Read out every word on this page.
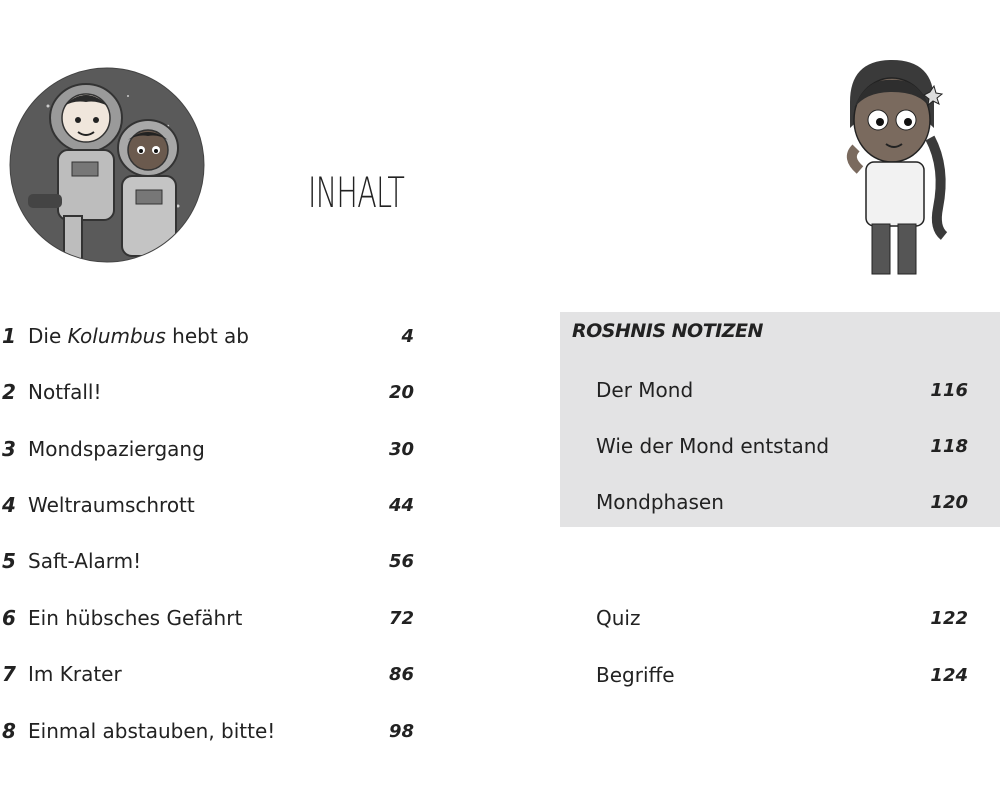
INHALT
1 Die Kolumbus hebt ab	4
2 Notfall!	20
3 Mondspaziergang	30
4 Weltraumschrott	44
5 Saft-Alarm!	56
6 Ein hübsches Gefährt	72
7 Im Krater	86
8 Einmal abstauben, bitte!	98
ROSHNIS NOTIZEN
Der Mond	116
Wie der Mond entstand	118
Mondphasen	120
Quiz	122
Begriffe	124
